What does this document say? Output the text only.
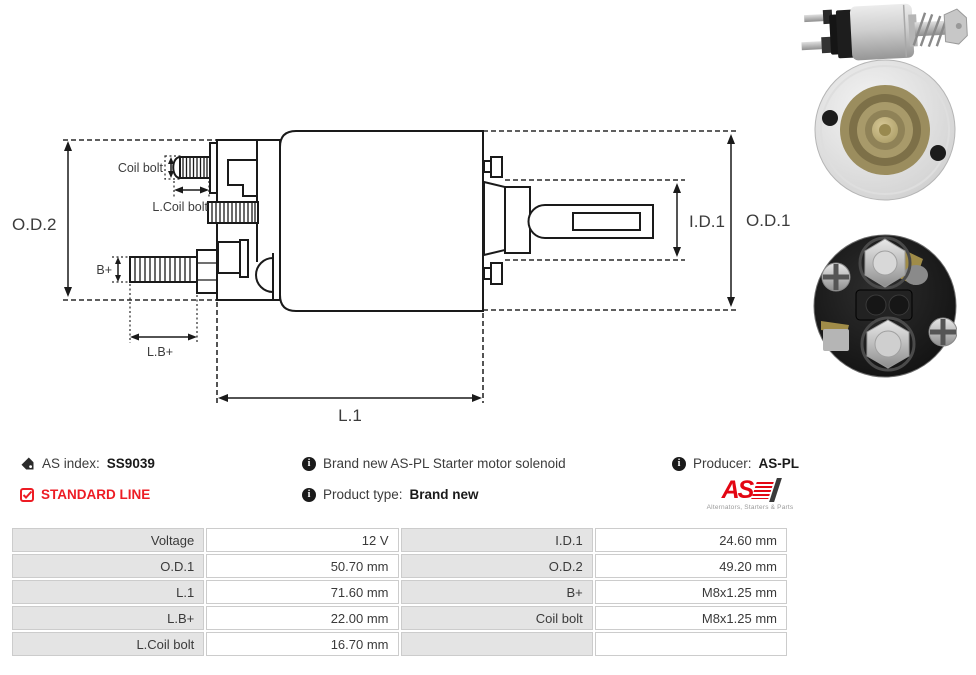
O.D.2
Coil bolt
L.Coil bolt
B+
L.B+
L.1
I.D.1 O.D.1
AS index: SS9039
STANDARD LINE
i
Brand new AS-PL Starter motor solenoid
i
Product type: Brand new
i
Producer: AS-PL
AS
Alternators, Starters & Parts
Voltage	12 V	I.D.1	24.60 mm
O.D.1	50.70 mm	O.D.2	49.20 mm
L.1	71.60 mm	B+	M8x1.25 mm
L.B+	22.00 mm	Coil bolt	M8x1.25 mm
L.Coil bolt	16.70 mm		
